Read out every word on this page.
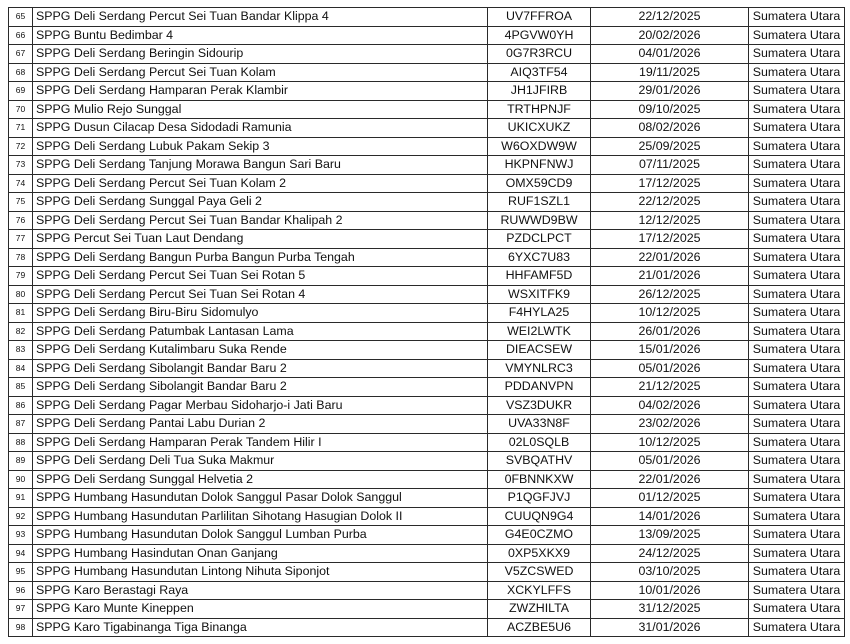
65	SPPG Deli Serdang Percut Sei Tuan Bandar Klippa 4	UV7FFROA	22/12/2025	Sumatera Utara
66	SPPG Buntu Bedimbar 4	4PGVW0YH	20/02/2026	Sumatera Utara
67	SPPG Deli Serdang Beringin Sidourip	0G7R3RCU	04/01/2026	Sumatera Utara
68	SPPG Deli Serdang Percut Sei Tuan Kolam	AIQ3TF54	19/11/2025	Sumatera Utara
69	SPPG Deli Serdang Hamparan Perak Klambir	JH1JFIRB	29/01/2026	Sumatera Utara
70	SPPG Mulio Rejo Sunggal	TRTHPNJF	09/10/2025	Sumatera Utara
71	SPPG Dusun Cilacap Desa Sidodadi Ramunia	UKICXUKZ	08/02/2026	Sumatera Utara
72	SPPG Deli Serdang Lubuk Pakam Sekip 3	W6OXDW9W	25/09/2025	Sumatera Utara
73	SPPG Deli Serdang Tanjung Morawa Bangun Sari Baru	HKPNFNWJ	07/11/2025	Sumatera Utara
74	SPPG Deli Serdang Percut Sei Tuan Kolam 2	OMX59CD9	17/12/2025	Sumatera Utara
75	SPPG Deli Serdang Sunggal Paya Geli 2	RUF1SZL1	22/12/2025	Sumatera Utara
76	SPPG Deli Serdang Percut Sei Tuan Bandar Khalipah 2	RUWWD9BW	12/12/2025	Sumatera Utara
77	SPPG Percut Sei Tuan Laut Dendang	PZDCLPCT	17/12/2025	Sumatera Utara
78	SPPG Deli Serdang Bangun Purba Bangun Purba Tengah	6YXC7U83	22/01/2026	Sumatera Utara
79	SPPG Deli Serdang Percut Sei Tuan Sei Rotan 5	HHFAMF5D	21/01/2026	Sumatera Utara
80	SPPG Deli Serdang Percut Sei Tuan Sei Rotan 4	WSXITFK9	26/12/2025	Sumatera Utara
81	SPPG Deli Serdang Biru-Biru Sidomulyo	F4HYLA25	10/12/2025	Sumatera Utara
82	SPPG Deli Serdang Patumbak Lantasan Lama	WEI2LWTK	26/01/2026	Sumatera Utara
83	SPPG Deli Serdang Kutalimbaru Suka Rende	DIEACSEW	15/01/2026	Sumatera Utara
84	SPPG Deli Serdang Sibolangit Bandar Baru 2	VMYNLRC3	05/01/2026	Sumatera Utara
85	SPPG Deli Serdang Sibolangit Bandar Baru 2	PDDANVPN	21/12/2025	Sumatera Utara
86	SPPG Deli Serdang Pagar Merbau Sidoharjo-i Jati Baru	VSZ3DUKR	04/02/2026	Sumatera Utara
87	SPPG Deli Serdang Pantai Labu Durian 2	UVA33N8F	23/02/2026	Sumatera Utara
88	SPPG Deli Serdang Hamparan Perak Tandem Hilir I	02L0SQLB	10/12/2025	Sumatera Utara
89	SPPG Deli Serdang Deli Tua Suka Makmur	SVBQATHV	05/01/2026	Sumatera Utara
90	SPPG Deli Serdang Sunggal Helvetia 2	0FBNNKXW	22/01/2026	Sumatera Utara
91	SPPG Humbang Hasundutan Dolok Sanggul Pasar Dolok Sanggul	P1QGFJVJ	01/12/2025	Sumatera Utara
92	SPPG Humbang Hasundutan Parlilitan Sihotang Hasugian Dolok II	CUUQN9G4	14/01/2026	Sumatera Utara
93	SPPG Humbang Hasundutan Dolok Sanggul Lumban Purba	G4E0CZMO	13/09/2025	Sumatera Utara
94	SPPG Humbang Hasindutan Onan Ganjang	0XP5XKX9	24/12/2025	Sumatera Utara
95	SPPG Humbang Hasundutan Lintong Nihuta Siponjot	V5ZCSWED	03/10/2025	Sumatera Utara
96	SPPG Karo Berastagi Raya	XCKYLFFS	10/01/2026	Sumatera Utara
97	SPPG Karo Munte Kineppen	ZWZHILTA	31/12/2025	Sumatera Utara
98	SPPG Karo Tigabinanga Tiga Binanga	ACZBE5U6	31/01/2026	Sumatera Utara
